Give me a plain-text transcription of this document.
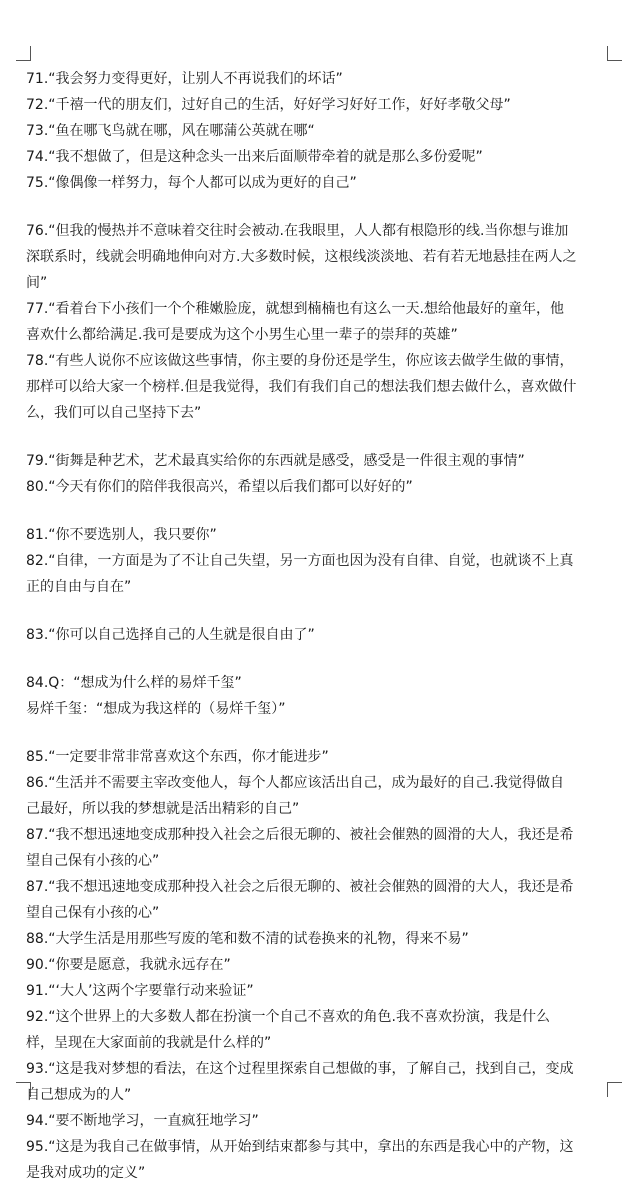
71.“我会努力变得更好，让别人不再说我们的坏话”
72.“千禧一代的朋友们，过好自己的生活，好好学习好好工作，好好孝敬父母”
73.“鱼在哪飞鸟就在哪，风在哪蒲公英就在哪“
74.“我不想做了，但是这种念头一出来后面顺带牵着的就是那么多份爱呢”
75.“像偶像一样努力，每个人都可以成为更好的自己”
76.“但我的慢热并不意味着交往时会被动.在我眼里，人人都有根隐形的线.当你想与谁加
深联系时，线就会明确地伸向对方.大多数时候，这根线淡淡地、若有若无地悬挂在两人之
间”
77.“看着台下小孩们一个个稚嫩脸庞，就想到楠楠也有这么一天.想给他最好的童年，他
喜欢什么都给满足.我可是要成为这个小男生心里一辈子的崇拜的英雄”
78.“有些人说你不应该做这些事情，你主要的身份还是学生，你应该去做学生做的事情，
那样可以给大家一个榜样.但是我觉得，我们有我们自己的想法我们想去做什么，喜欢做什
么，我们可以自己坚持下去”
79.“街舞是种艺术，艺术最真实给你的东西就是感受，感受是一件很主观的事情”
80.“今天有你们的陪伴我很高兴，希望以后我们都可以好好的”
81.“你不要选别人，我只要你”
82.“自律，一方面是为了不让自己失望，另一方面也因为没有自律、自觉，也就谈不上真
正的自由与自在”
83.“你可以自己选择自己的人生就是很自由了”
84.Q：“想成为什么样的易烊千玺”
易烊千玺：“想成为我这样的（易烊千玺）”
85.“一定要非常非常喜欢这个东西，你才能进步”
86.“生活并不需要主宰改变他人，每个人都应该活出自己，成为最好的自己.我觉得做自
己最好，所以我的梦想就是活出精彩的自己”
87.“我不想迅速地变成那种投入社会之后很无聊的、被社会催熟的圆滑的大人，我还是希
望自己保有小孩的心”
87.“我不想迅速地变成那种投入社会之后很无聊的、被社会催熟的圆滑的大人，我还是希
望自己保有小孩的心”
88.“大学生活是用那些写废的笔和数不清的试卷换来的礼物，得来不易”
90.“你要是愿意，我就永远存在”
91.“‘大人’这两个字要靠行动来验证”
92.“这个世界上的大多数人都在扮演一个自己不喜欢的角色.我不喜欢扮演，我是什么
样，呈现在大家面前的我就是什么样的”
93.“这是我对梦想的看法，在这个过程里探索自己想做的事，了解自己，找到自己，变成
自己想成为的人”
94.“要不断地学习，一直疯狂地学习”
95.“这是为我自己在做事情，从开始到结束都参与其中，拿出的东西是我心中的产物，这
是我对成功的定义”
